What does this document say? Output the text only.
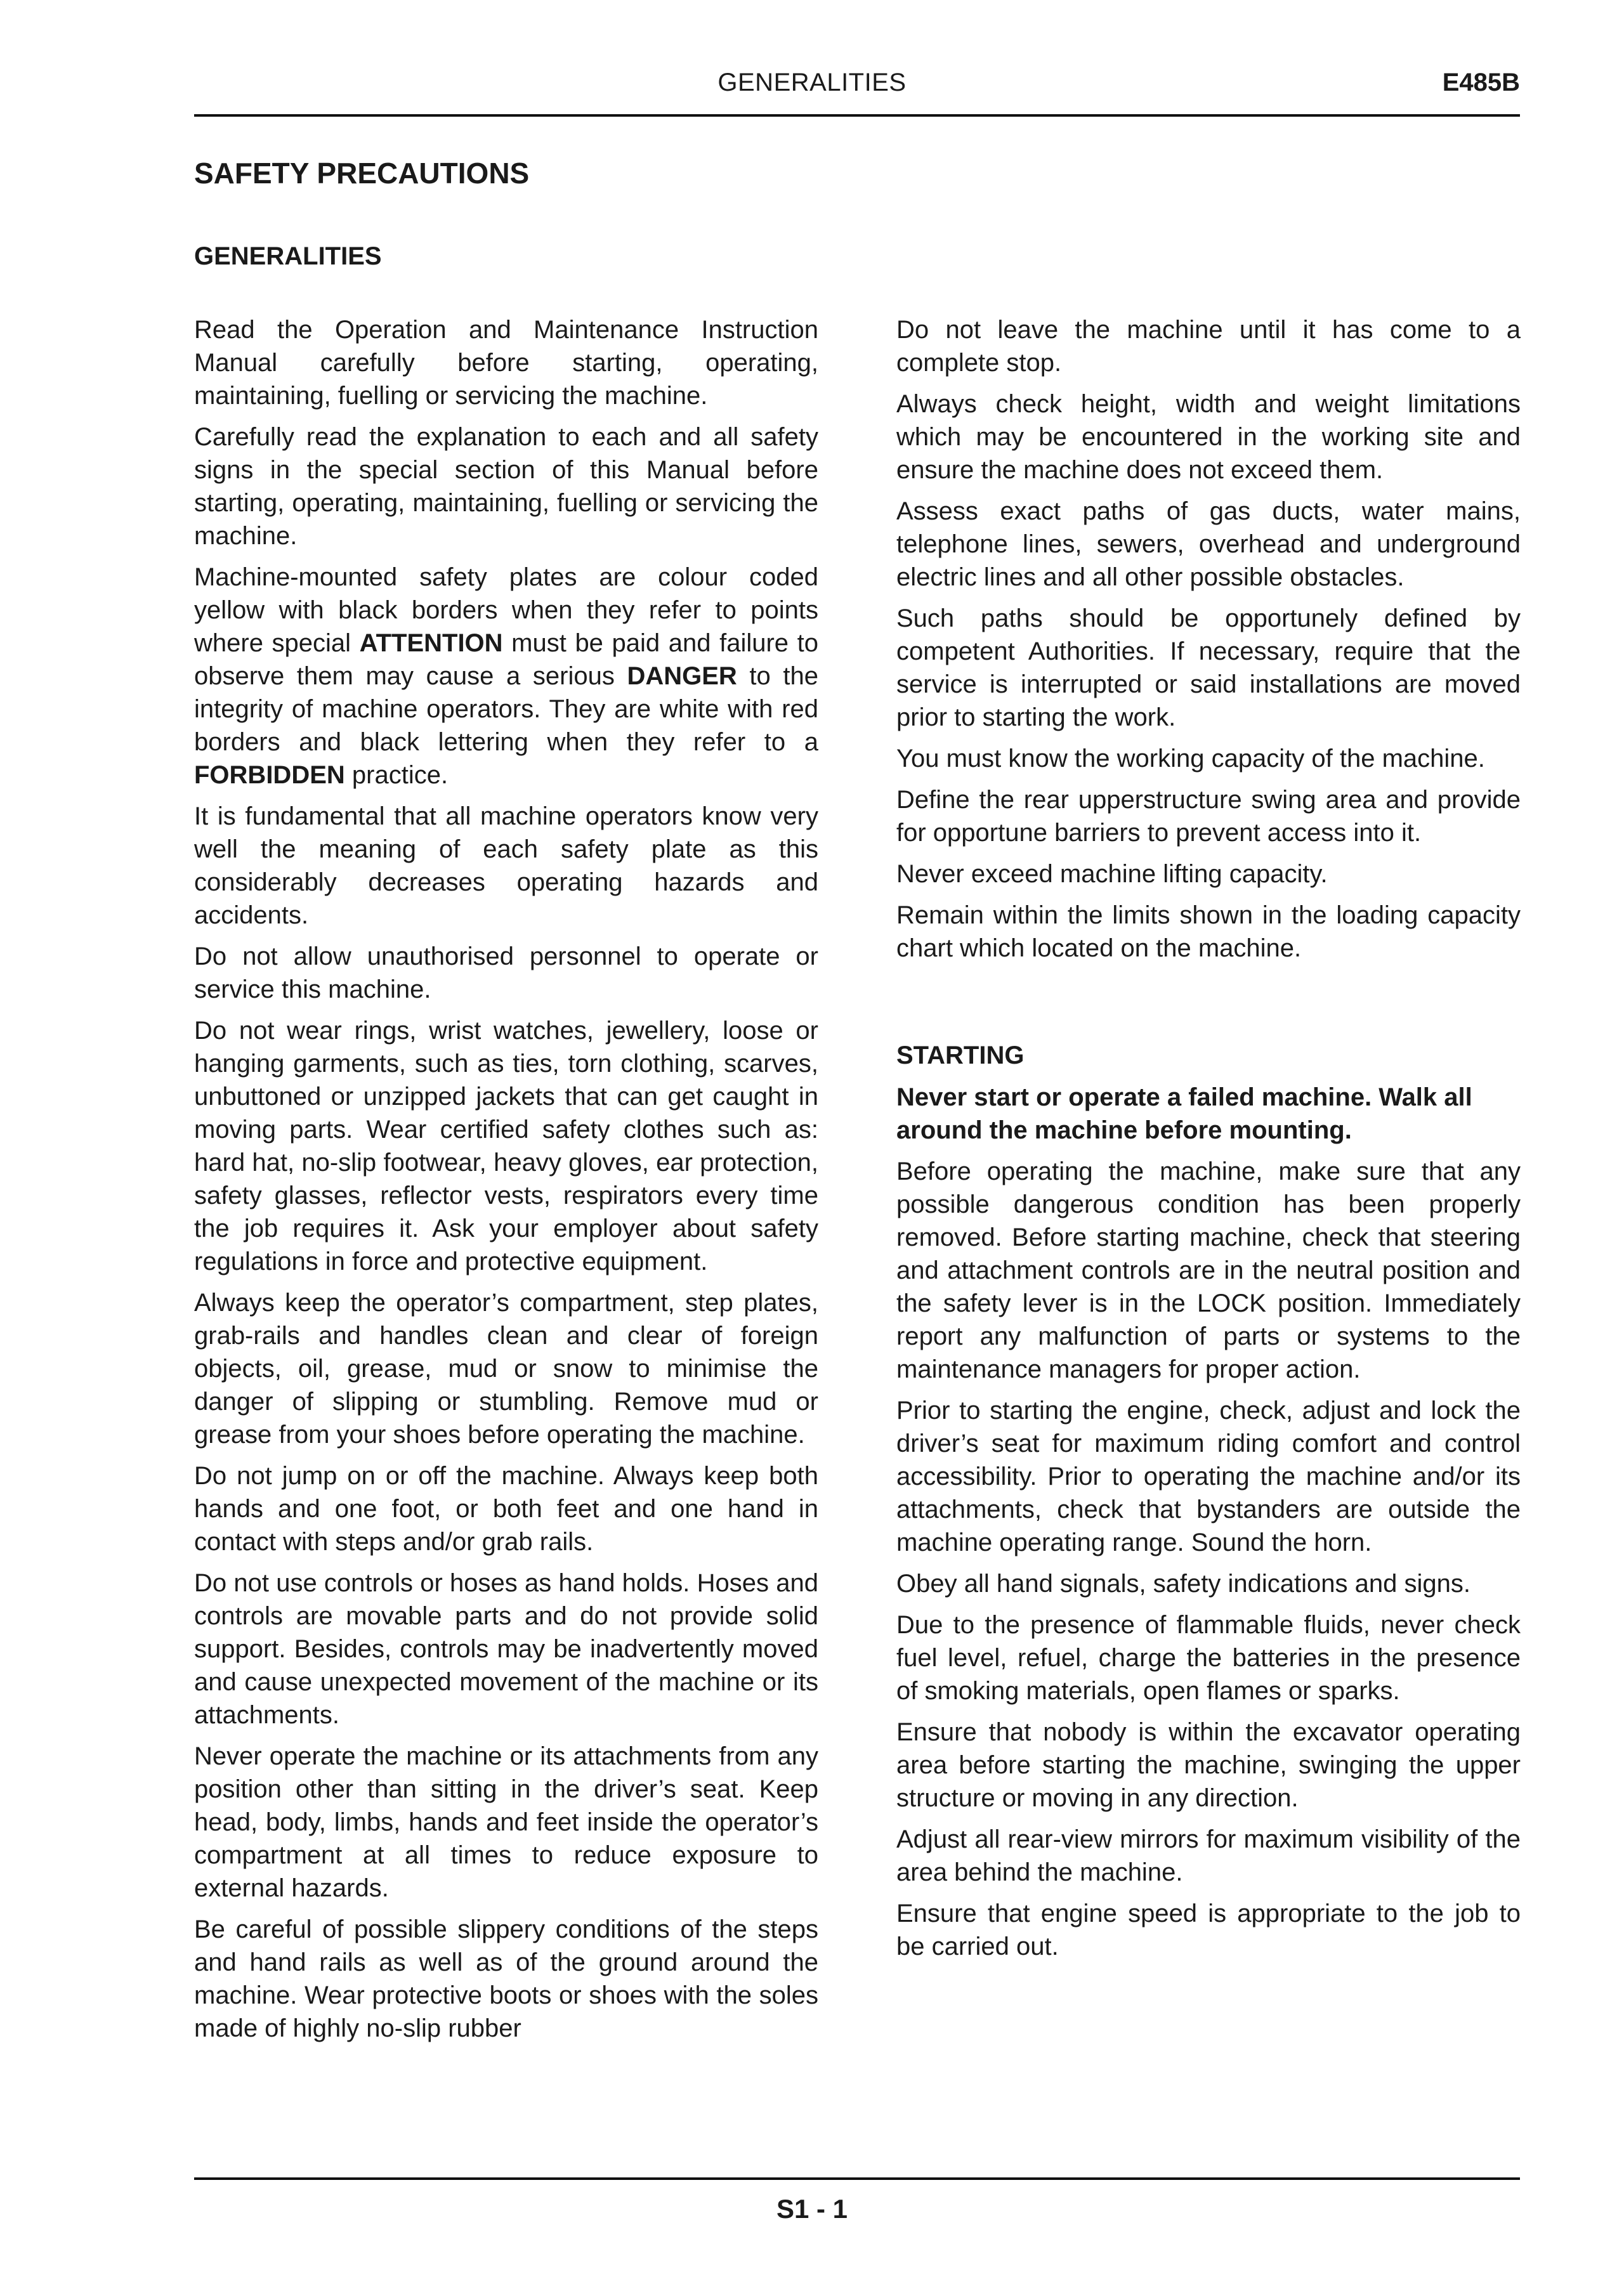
GENERALITIES	E485B
SAFETY PRECAUTIONS
GENERALITIES

Read the Operation and Maintenance Instruction Manual carefully before starting, operating, maintaining, fuelling or servicing the machine.

Carefully read the explanation to each and all safety signs in the special section of this Manual before starting, operating, maintaining, fuelling or servicing the machine.

Machine-mounted safety plates are colour coded yellow with black borders when they refer to points where special ATTENTION must be paid and failure to observe them may cause a serious DANGER to the integrity of machine operators. They are white with red borders and black lettering when they refer to a FORBIDDEN practice.

It is fundamental that all machine operators know very well the meaning of each safety plate as this considerably decreases operating hazards and accidents.

Do not allow unauthorised personnel to operate or service this machine.

Do not wear rings, wrist watches, jewellery, loose or hanging garments, such as ties, torn clothing, scarves, unbuttoned or unzipped jackets that can get caught in moving parts. Wear certified safety clothes such as: hard hat, no-slip footwear, heavy gloves, ear protection, safety glasses, reflector vests, respirators every time the job requires it. Ask your employer about safety regulations in force and protective equipment.

Always keep the operator’s compartment, step plates, grab-rails and handles clean and clear of foreign objects, oil, grease, mud or snow to minimise the danger of slipping or stumbling. Remove mud or grease from your shoes before operating the machine.

Do not jump on or off the machine. Always keep both hands and one foot, or both feet and one hand in contact with steps and/or grab rails.

Do not use controls or hoses as hand holds. Hoses and controls are movable parts and do not provide solid support. Besides, controls may be inadvertently moved and cause unexpected movement of the machine or its attachments.

Never operate the machine or its attachments from any position other than sitting in the driver’s seat. Keep head, body, limbs, hands and feet inside the operator’s compartment at all times to reduce exposure to external hazards.

Be careful of possible slippery conditions of the steps and hand rails as well as of the ground around the machine. Wear protective boots or shoes with the soles made of highly no-slip rubber

Do not leave the machine until it has come to a complete stop.

Always check height, width and weight limitations which may be encountered in the working site and ensure the machine does not exceed them.

Assess exact paths of gas ducts, water mains, telephone lines, sewers, overhead and underground electric lines and all other possible obstacles.

Such paths should be opportunely defined by competent Authorities. If necessary, require that the service is interrupted or said installations are moved prior to starting the work.

You must know the working capacity of the machine.

Define the rear upperstructure swing area and provide for opportune barriers to prevent access into it.

Never exceed machine lifting capacity.

Remain within the limits shown in the loading capacity chart which located on the machine.

STARTING

Never start or operate a failed machine. Walk all around the machine before mounting.

Before operating the machine, make sure that any possible dangerous condition has been properly removed. Before starting machine, check that steering and attachment controls are in the neutral position and the safety lever is in the LOCK position. Immediately report any malfunction of parts or systems to the maintenance managers for proper action.

Prior to starting the engine, check, adjust and lock the driver’s seat for maximum riding comfort and control accessibility. Prior to operating the machine and/or its attachments, check that bystanders are outside the machine operating range. Sound the horn.

Obey all hand signals, safety indications and signs.

Due to the presence of flammable fluids, never check fuel level, refuel, charge the batteries in the presence of smoking materials, open flames or sparks.

Ensure that nobody is within the excavator operating area before starting the machine, swinging the upper structure or moving in any direction.

Adjust all rear-view mirrors for maximum visibility of the area behind the machine.

Ensure that engine speed is appropriate to the job to be carried out.

S1 - 1
